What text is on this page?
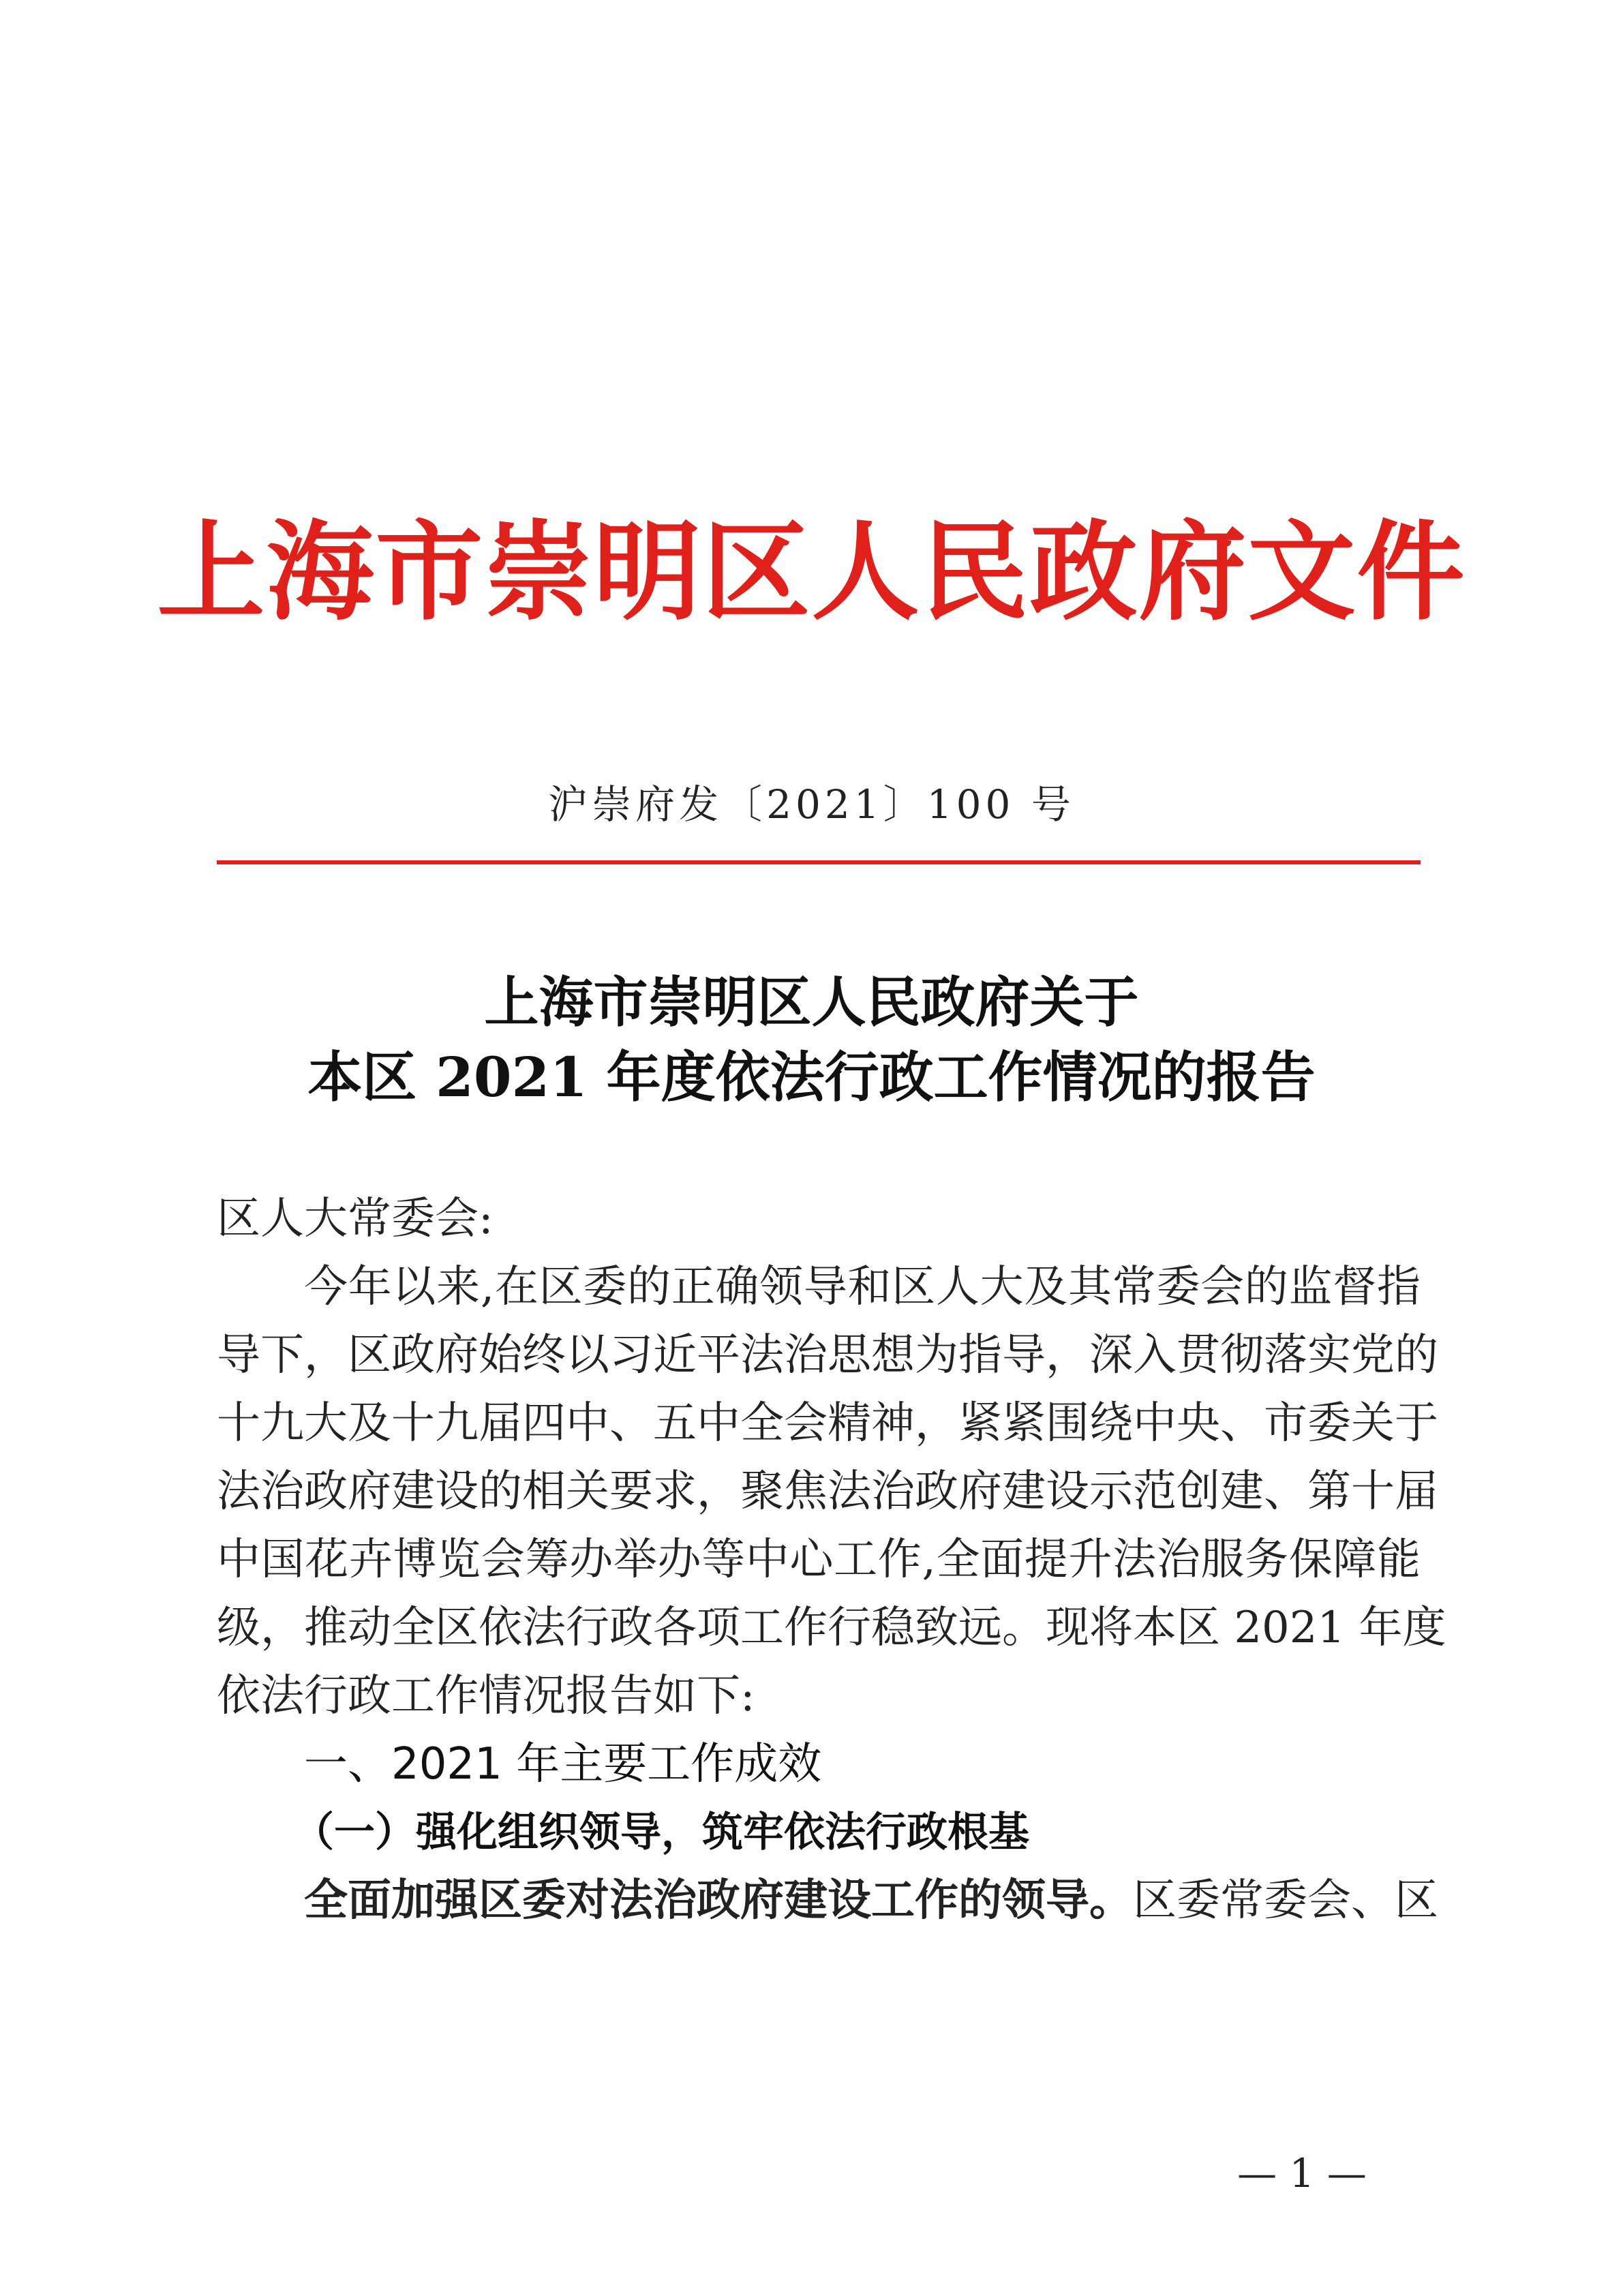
上海市崇明区人民政府文件
沪崇府发〔2021〕100 号
上海市崇明区人民政府关于
本区 2021 年度依法行政工作情况的报告
区人大常委会:
今年以来,在区委的正确领导和区人大及其常委会的监督指
导下，区政府始终以习近平法治思想为指导，深入贯彻落实党的
十九大及十九届四中、五中全会精神，紧紧围绕中央、市委关于
法治政府建设的相关要求，聚焦法治政府建设示范创建、第十届
中国花卉博览会筹办举办等中心工作,全面提升法治服务保障能
级，推动全区依法行政各项工作行稳致远。现将本区 2021 年度
依法行政工作情况报告如下:
一、2021 年主要工作成效
（一）强化组织领导，筑牢依法行政根基
全面加强区委对法治政府建设工作的领导。区委常委会、区
— 1 —
